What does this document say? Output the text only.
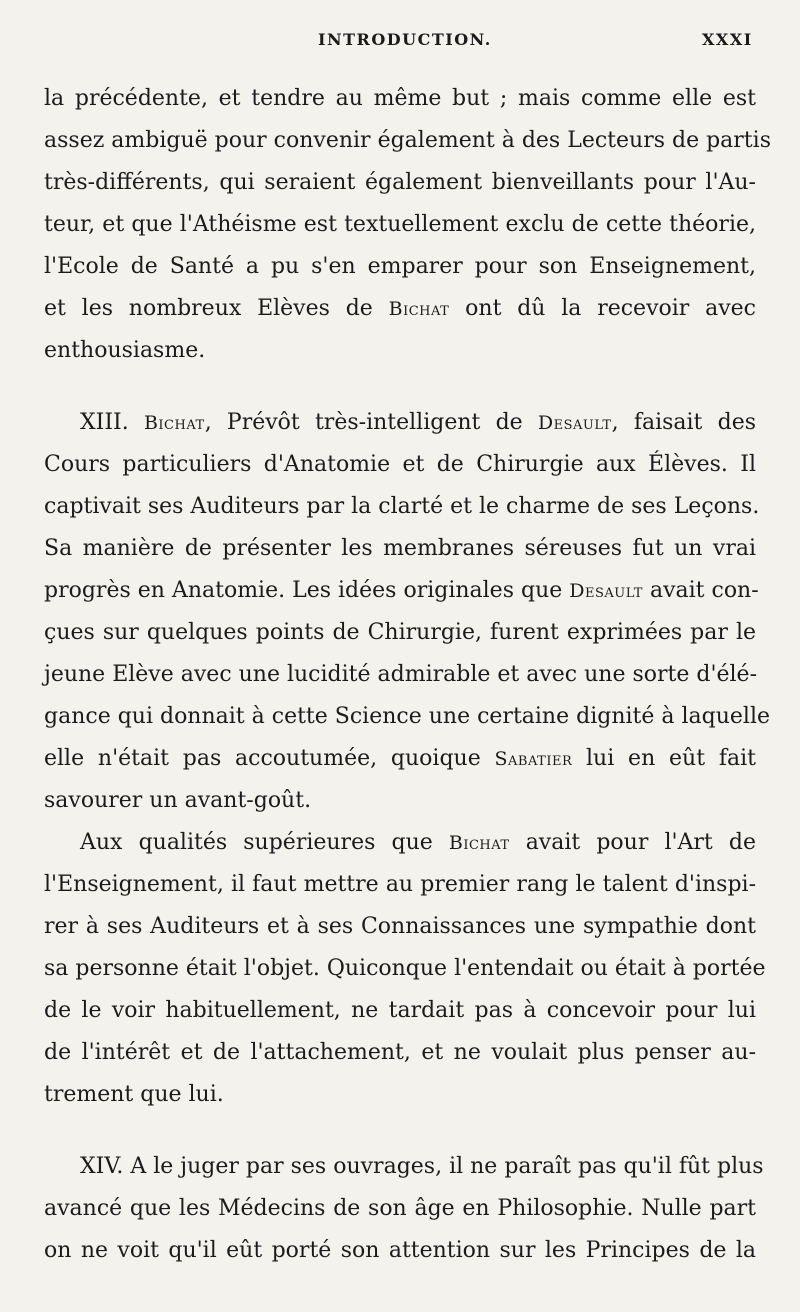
INTRODUCTION.	XXXI
la précédente, et tendre au même but ; mais comme elle est
assez ambiguë pour convenir également à des Lecteurs de partis
très-différents, qui seraient également bienveillants pour l'Au-
teur, et que l'Athéisme est textuellement exclu de cette théorie,
l'Ecole de Santé a pu s'en emparer pour son Enseignement,
et les nombreux Elèves de Bichat ont dû la recevoir avec
enthousiasme.
XIII. Bichat, Prévôt très-intelligent de Desault, faisait des
Cours particuliers d'Anatomie et de Chirurgie aux Élèves. Il
captivait ses Auditeurs par la clarté et le charme de ses Leçons.
Sa manière de présenter les membranes séreuses fut un vrai
progrès en Anatomie. Les idées originales que Desault avait con-
çues sur quelques points de Chirurgie, furent exprimées par le
jeune Elève avec une lucidité admirable et avec une sorte d'élé-
gance qui donnait à cette Science une certaine dignité à laquelle
elle n'était pas accoutumée, quoique Sabatier lui en eût fait
savourer un avant-goût.
Aux qualités supérieures que Bichat avait pour l'Art de
l'Enseignement, il faut mettre au premier rang le talent d'inspi-
rer à ses Auditeurs et à ses Connaissances une sympathie dont
sa personne était l'objet. Quiconque l'entendait ou était à portée
de le voir habituellement, ne tardait pas à concevoir pour lui
de l'intérêt et de l'attachement, et ne voulait plus penser au-
trement que lui.
XIV. A le juger par ses ouvrages, il ne paraît pas qu'il fût plus
avancé que les Médecins de son âge en Philosophie. Nulle part
on ne voit qu'il eût porté son attention sur les Principes de la
